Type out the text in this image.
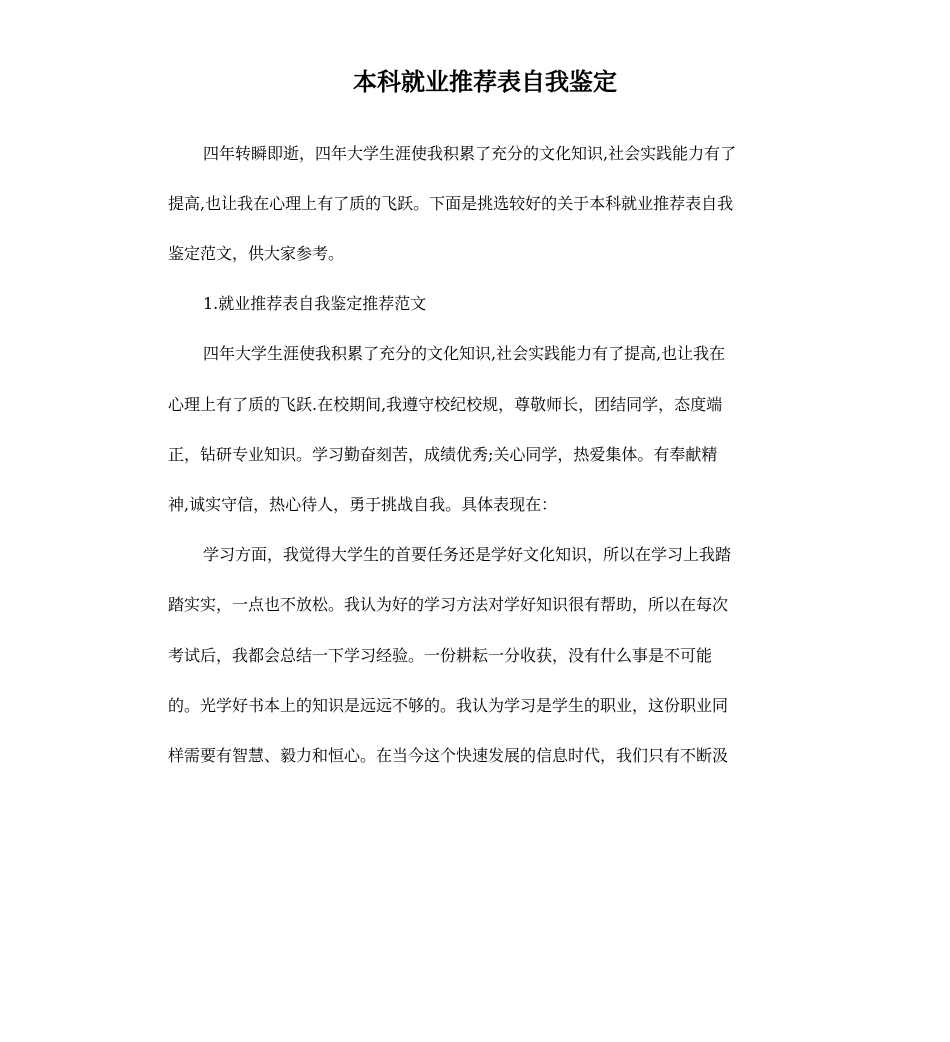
本科就业推荐表自我鉴定

四年转瞬即逝，四年大学生涯使我积累了充分的文化知识,社会实践能力有了

提高,也让我在心理上有了质的飞跃。下面是挑选较好的关于本科就业推荐表自我

鉴定范文，供大家参考。

1.就业推荐表自我鉴定推荐范文

四年大学生涯使我积累了充分的文化知识,社会实践能力有了提高,也让我在

心理上有了质的飞跃.在校期间,我遵守校纪校规，尊敬师长，团结同学，态度端

正，钻研专业知识。学习勤奋刻苦，成绩优秀;关心同学，热爱集体。有奉献精

神,诚实守信，热心待人，勇于挑战自我。具体表现在：

学习方面，我觉得大学生的首要任务还是学好文化知识，所以在学习上我踏

踏实实，一点也不放松。我认为好的学习方法对学好知识很有帮助，所以在每次

考试后，我都会总结一下学习经验。一份耕耘一分收获，没有什么事是不可能

的。光学好书本上的知识是远远不够的。我认为学习是学生的职业，这份职业同

样需要有智慧、毅力和恒心。在当今这个快速发展的信息时代，我们只有不断汲
